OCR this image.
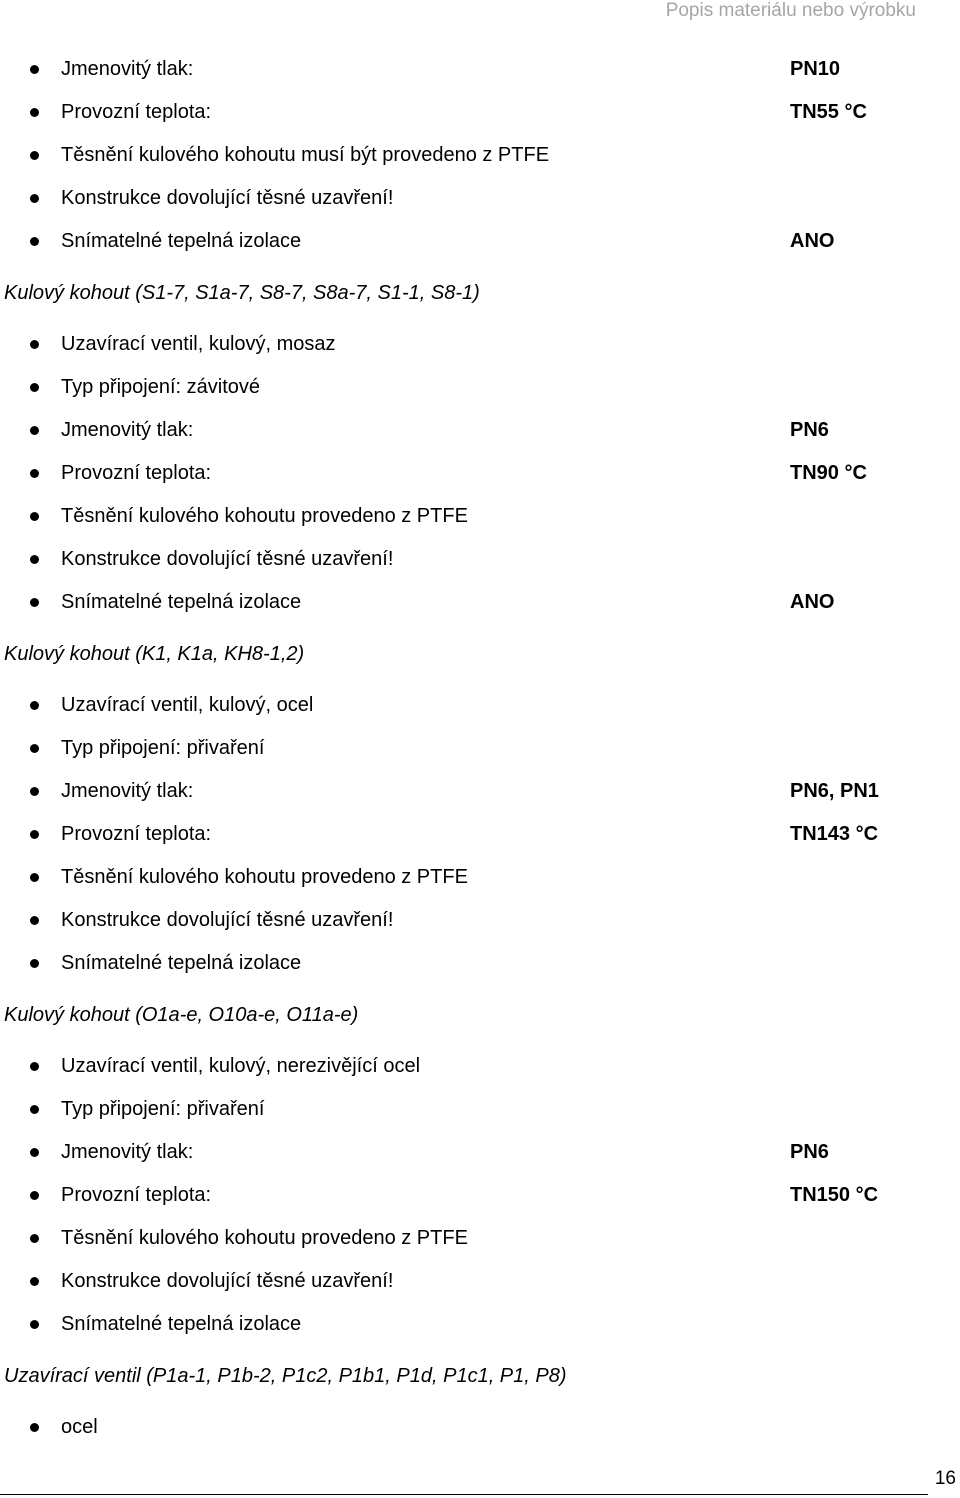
Popis materiálu nebo výrobku
Jmenovitý tlak:	PN10
Provozní teplota:	TN55 °C
Těsnění kulového kohoutu musí být provedeno z PTFE
Konstrukce dovolující těsné uzavření!
Snímatelné tepelná izolace	ANO
Kulový kohout (S1-7, S1a-7, S8-7, S8a-7, S1-1, S8-1)
Uzavírací ventil, kulový, mosaz
Typ připojení: závitové
Jmenovitý tlak:	PN6
Provozní teplota:	TN90 °C
Těsnění kulového kohoutu provedeno z PTFE
Konstrukce dovolující těsné uzavření!
Snímatelné tepelná izolace	ANO
Kulový kohout (K1, K1a, KH8-1,2)
Uzavírací ventil, kulový, ocel
Typ připojení: přivaření
Jmenovitý tlak:	PN6, PN1
Provozní teplota:	TN143 °C
Těsnění kulového kohoutu provedeno z PTFE
Konstrukce dovolující těsné uzavření!
Snímatelné tepelná izolace
Kulový kohout (O1a-e, O10a-e, O11a-e)
Uzavírací ventil, kulový, nerezivějící ocel
Typ připojení: přivaření
Jmenovitý tlak:	PN6
Provozní teplota:	TN150 °C
Těsnění kulového kohoutu provedeno z PTFE
Konstrukce dovolující těsné uzavření!
Snímatelné tepelná izolace
Uzavírací ventil (P1a-1, P1b-2, P1c2, P1b1, P1d, P1c1, P1, P8)
ocel
16
